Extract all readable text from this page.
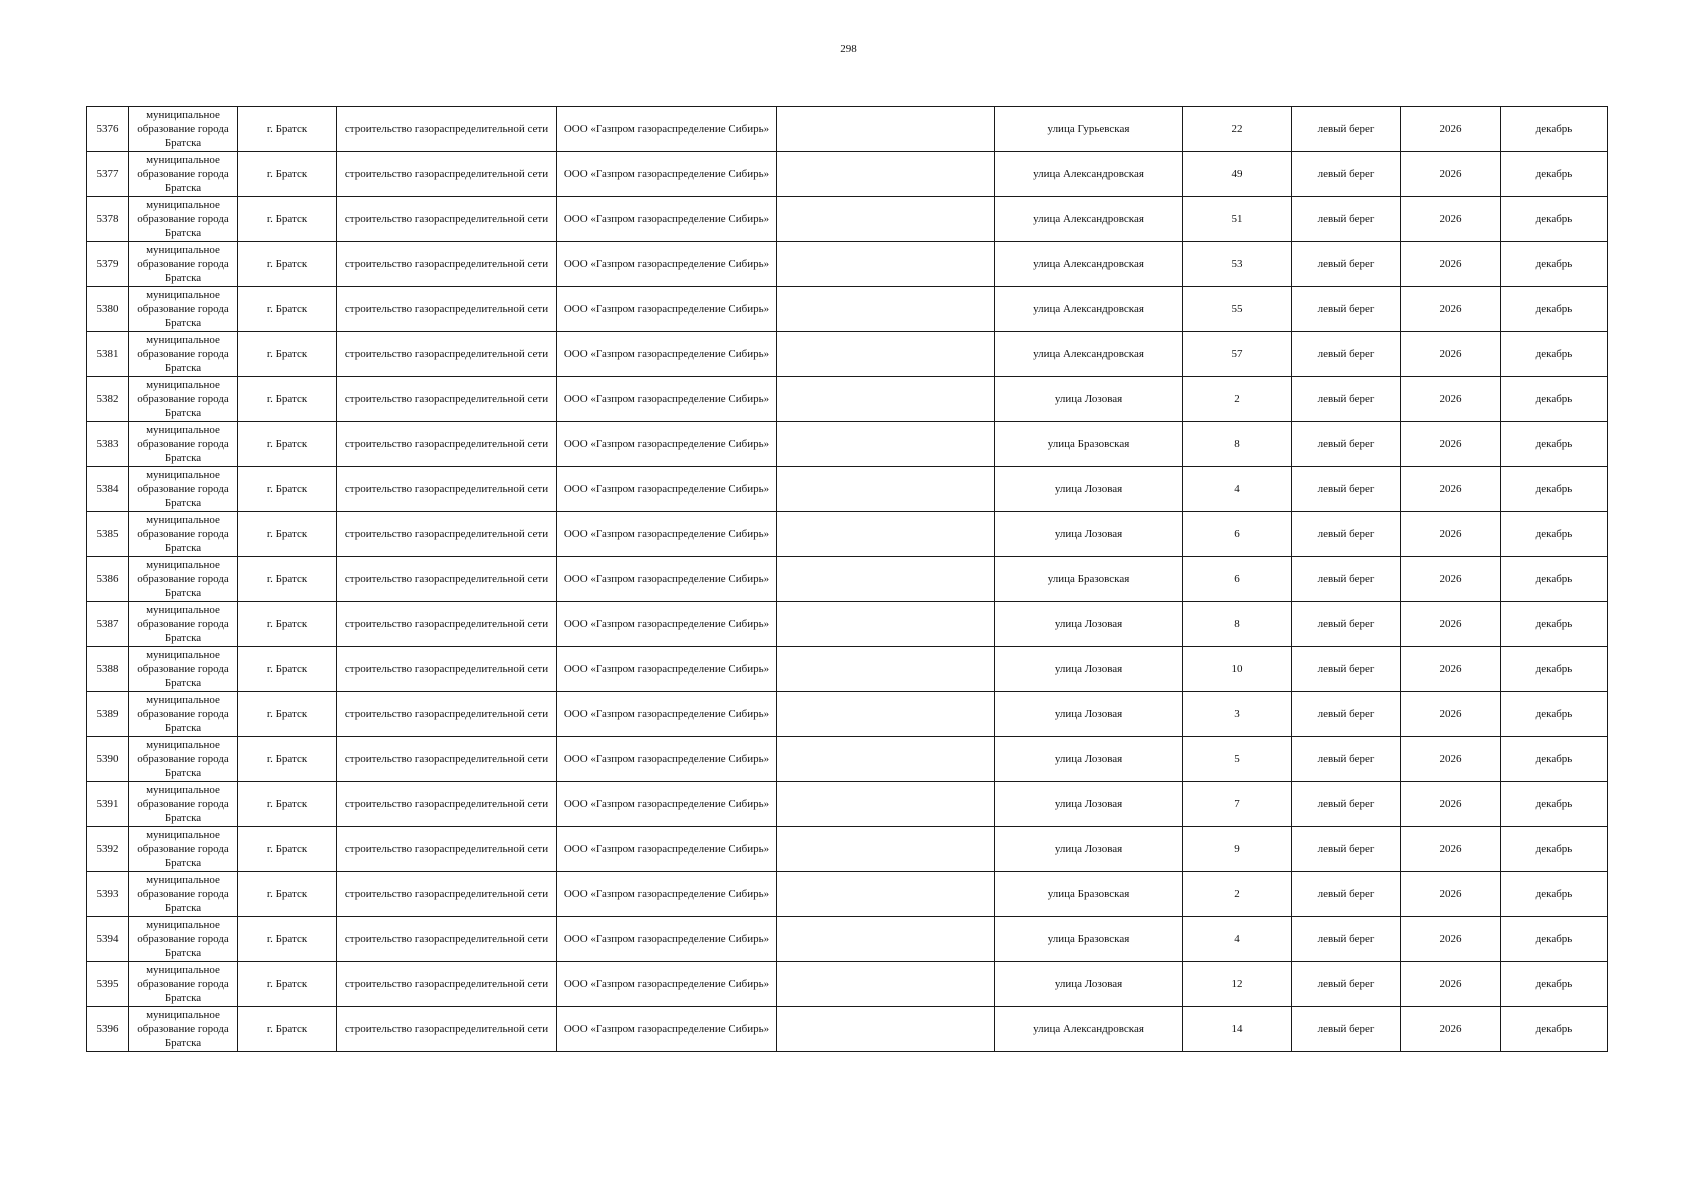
298
5376	муниципальное образование города Братска	г. Братск	строительство газораспределительной сети	ООО «Газпром газораспределение Сибирь»		улица Гурьевская	22	левый берег	2026	декабрь
5377	муниципальное образование города Братска	г. Братск	строительство газораспределительной сети	ООО «Газпром газораспределение Сибирь»		улица Александровская	49	левый берег	2026	декабрь
5378	муниципальное образование города Братска	г. Братск	строительство газораспределительной сети	ООО «Газпром газораспределение Сибирь»		улица Александровская	51	левый берег	2026	декабрь
5379	муниципальное образование города Братска	г. Братск	строительство газораспределительной сети	ООО «Газпром газораспределение Сибирь»		улица Александровская	53	левый берег	2026	декабрь
5380	муниципальное образование города Братска	г. Братск	строительство газораспределительной сети	ООО «Газпром газораспределение Сибирь»		улица Александровская	55	левый берег	2026	декабрь
5381	муниципальное образование города Братска	г. Братск	строительство газораспределительной сети	ООО «Газпром газораспределение Сибирь»		улица Александровская	57	левый берег	2026	декабрь
5382	муниципальное образование города Братска	г. Братск	строительство газораспределительной сети	ООО «Газпром газораспределение Сибирь»		улица Лозовая	2	левый берег	2026	декабрь
5383	муниципальное образование города Братска	г. Братск	строительство газораспределительной сети	ООО «Газпром газораспределение Сибирь»		улица Бразовская	8	левый берег	2026	декабрь
5384	муниципальное образование города Братска	г. Братск	строительство газораспределительной сети	ООО «Газпром газораспределение Сибирь»		улица Лозовая	4	левый берег	2026	декабрь
5385	муниципальное образование города Братска	г. Братск	строительство газораспределительной сети	ООО «Газпром газораспределение Сибирь»		улица Лозовая	6	левый берег	2026	декабрь
5386	муниципальное образование города Братска	г. Братск	строительство газораспределительной сети	ООО «Газпром газораспределение Сибирь»		улица Бразовская	6	левый берег	2026	декабрь
5387	муниципальное образование города Братска	г. Братск	строительство газораспределительной сети	ООО «Газпром газораспределение Сибирь»		улица Лозовая	8	левый берег	2026	декабрь
5388	муниципальное образование города Братска	г. Братск	строительство газораспределительной сети	ООО «Газпром газораспределение Сибирь»		улица Лозовая	10	левый берег	2026	декабрь
5389	муниципальное образование города Братска	г. Братск	строительство газораспределительной сети	ООО «Газпром газораспределение Сибирь»		улица Лозовая	3	левый берег	2026	декабрь
5390	муниципальное образование города Братска	г. Братск	строительство газораспределительной сети	ООО «Газпром газораспределение Сибирь»		улица Лозовая	5	левый берег	2026	декабрь
5391	муниципальное образование города Братска	г. Братск	строительство газораспределительной сети	ООО «Газпром газораспределение Сибирь»		улица Лозовая	7	левый берег	2026	декабрь
5392	муниципальное образование города Братска	г. Братск	строительство газораспределительной сети	ООО «Газпром газораспределение Сибирь»		улица Лозовая	9	левый берег	2026	декабрь
5393	муниципальное образование города Братска	г. Братск	строительство газораспределительной сети	ООО «Газпром газораспределение Сибирь»		улица Бразовская	2	левый берег	2026	декабрь
5394	муниципальное образование города Братска	г. Братск	строительство газораспределительной сети	ООО «Газпром газораспределение Сибирь»		улица Бразовская	4	левый берег	2026	декабрь
5395	муниципальное образование города Братска	г. Братск	строительство газораспределительной сети	ООО «Газпром газораспределение Сибирь»		улица Лозовая	12	левый берег	2026	декабрь
5396	муниципальное образование города Братска	г. Братск	строительство газораспределительной сети	ООО «Газпром газораспределение Сибирь»		улица Александровская	14	левый берег	2026	декабрь
